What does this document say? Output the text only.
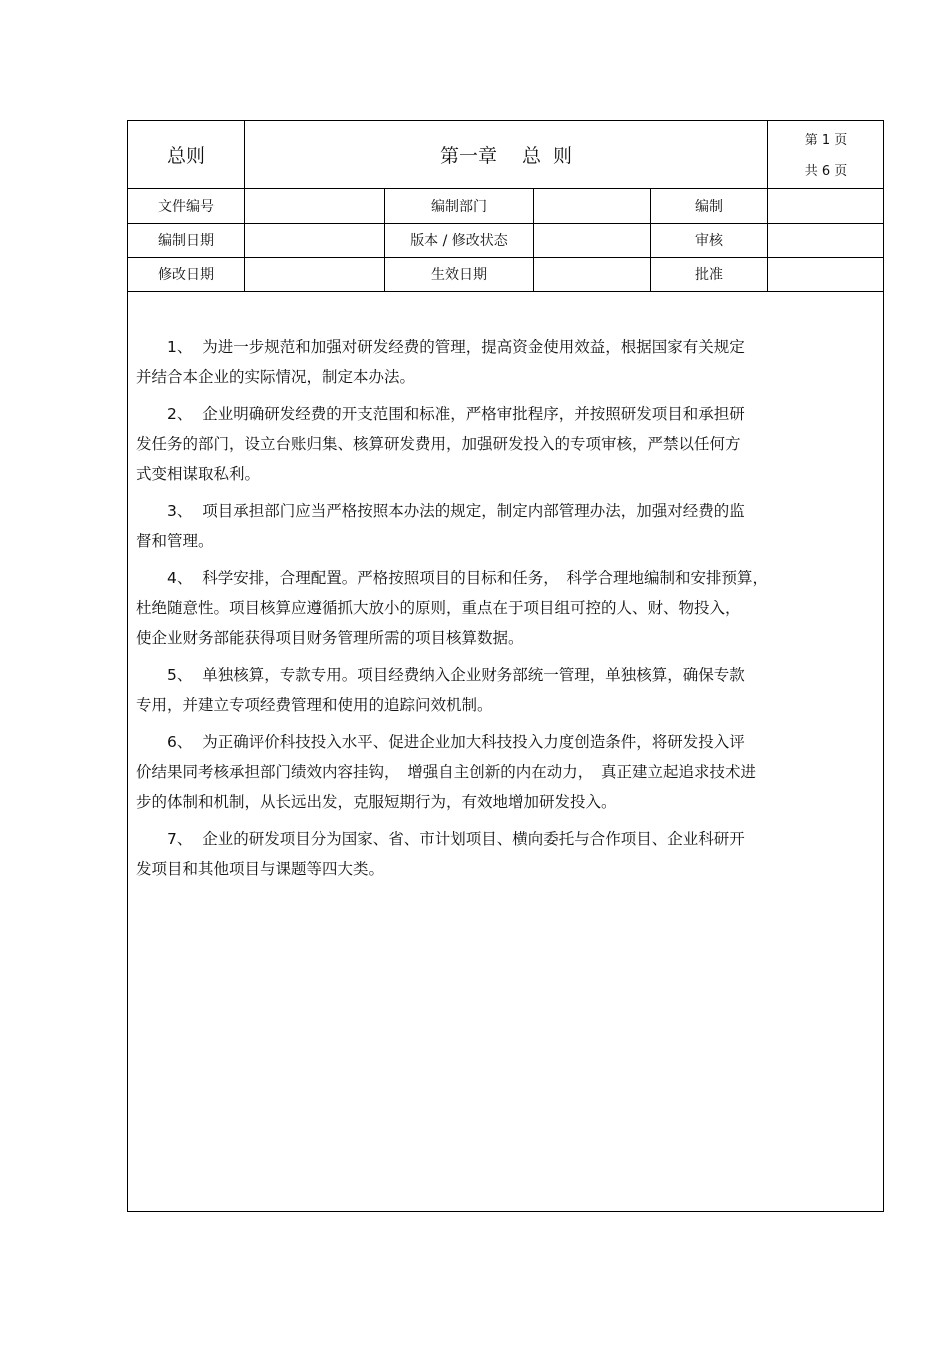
总则	第一章　 总  则
第 1 页
共 6 页
文件编号	编制部门	编制
编制日期	版本 / 修改状态	审核
修改日期	生效日期	批准
　　1、  为进一步规范和加强对研发经费的管理，提高资金使用效益，根据国家有关规定
并结合本企业的实际情况，制定本办法。
　　2、  企业明确研发经费的开支范围和标准，严格审批程序，并按照研发项目和承担研
发任务的部门，设立台账归集、核算研发费用，加强研发投入的专项审核，严禁以任何方
式变相谋取私利。
　　3、  项目承担部门应当严格按照本办法的规定，制定内部管理办法，加强对经费的监
督和管理。
　　4、  科学安排，合理配置。严格按照项目的目标和任务，　科学合理地编制和安排预算，
杜绝随意性。项目核算应遵循抓大放小的原则，重点在于项目组可控的人、财、物投入，
使企业财务部能获得项目财务管理所需的项目核算数据。
　　5、  单独核算，专款专用。项目经费纳入企业财务部统一管理，单独核算，确保专款
专用，并建立专项经费管理和使用的追踪问效机制。
　　6、  为正确评价科技投入水平、促进企业加大科技投入力度创造条件，将研发投入评
价结果同考核承担部门绩效内容挂钩，　增强自主创新的内在动力，　真正建立起追求技术进
步的体制和机制，从长远出发，克服短期行为，有效地增加研发投入。
　　7、  企业的研发项目分为国家、省、市计划项目、横向委托与合作项目、企业科研开
发项目和其他项目与课题等四大类。
